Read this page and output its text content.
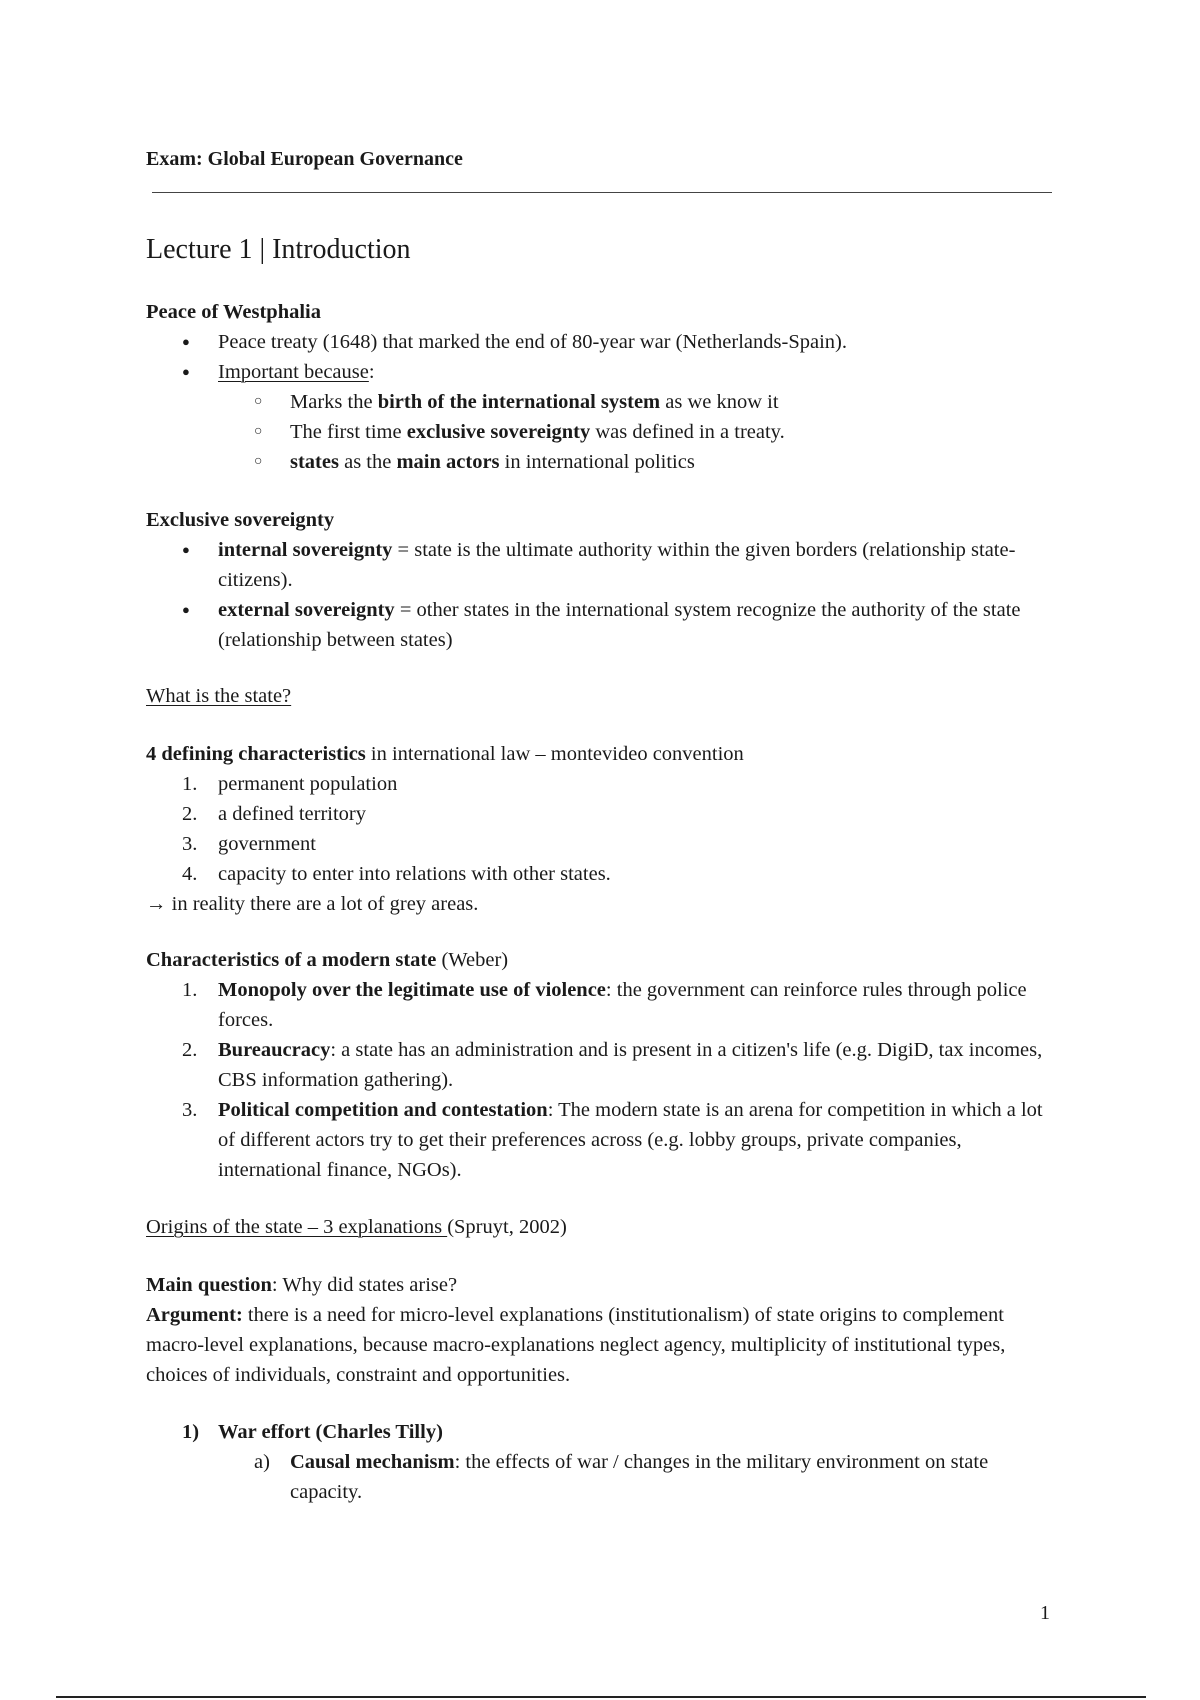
Exam: Global European Governance
Lecture 1 | Introduction
Peace of Westphalia
● Peace treaty (1648) that marked the end of 80-year war (Netherlands-Spain).
● Important because:
○ Marks the birth of the international system as we know it
○ The first time exclusive sovereignty was defined in a treaty.
○ states as the main actors in international politics
Exclusive sovereignty
● internal sovereignty = state is the ultimate authority within the given borders (relationship state-citizens).
● external sovereignty = other states in the international system recognize the authority of the state (relationship between states)
What is the state?
4 defining characteristics in international law – montevideo convention
1. permanent population
2. a defined territory
3. government
4. capacity to enter into relations with other states.
→ in reality there are a lot of grey areas.
Characteristics of a modern state (Weber)
1. Monopoly over the legitimate use of violence: the government can reinforce rules through police forces.
2. Bureaucracy: a state has an administration and is present in a citizen's life (e.g. DigiD, tax incomes, CBS information gathering).
3. Political competition and contestation: The modern state is an arena for competition in which a lot of different actors try to get their preferences across (e.g. lobby groups, private companies, international finance, NGOs).
Origins of the state – 3 explanations (Spruyt, 2002)
Main question: Why did states arise?
Argument: there is a need for micro-level explanations (institutionalism) of state origins to complement macro-level explanations, because macro-explanations neglect agency, multiplicity of institutional types, choices of individuals, constraint and opportunities.
1) War effort (Charles Tilly)
a) Causal mechanism: the effects of war / changes in the military environment on state capacity.
1
